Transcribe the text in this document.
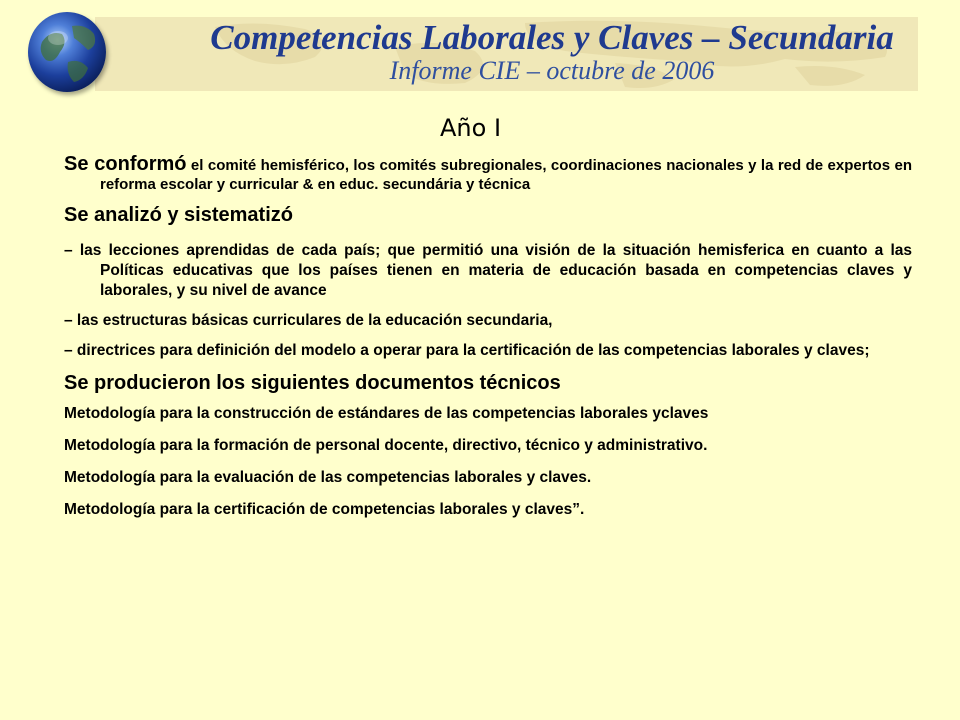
Competencias Laborales y Claves – Secundaria
Informe CIE – octubre de 2006
Año I

Se conformó el comité hemisférico, los comités subregionales, coordinaciones nacionales y la red de expertos en reforma escolar y curricular & en educ. secundária y técnica

Se analizó y sistematizó

– las lecciones aprendidas de cada país; que permitió una visión de la situación hemisferica en cuanto a las Políticas educativas que los países tienen en materia de educación basada en competencias claves y laborales, y su nivel de avance

– las estructuras básicas curriculares de la educación secundaria,

– directrices para definición del modelo a operar para la certificación de las competencias laborales y claves;

Se producieron los siguientes documentos técnicos

Metodología para la construcción de estándares de las competencias laborales yclaves

Metodología para la formación de personal docente, directivo, técnico y administrativo.

Metodología para la evaluación de las competencias laborales y claves.

Metodología para la certificación de competencias laborales y claves”.
